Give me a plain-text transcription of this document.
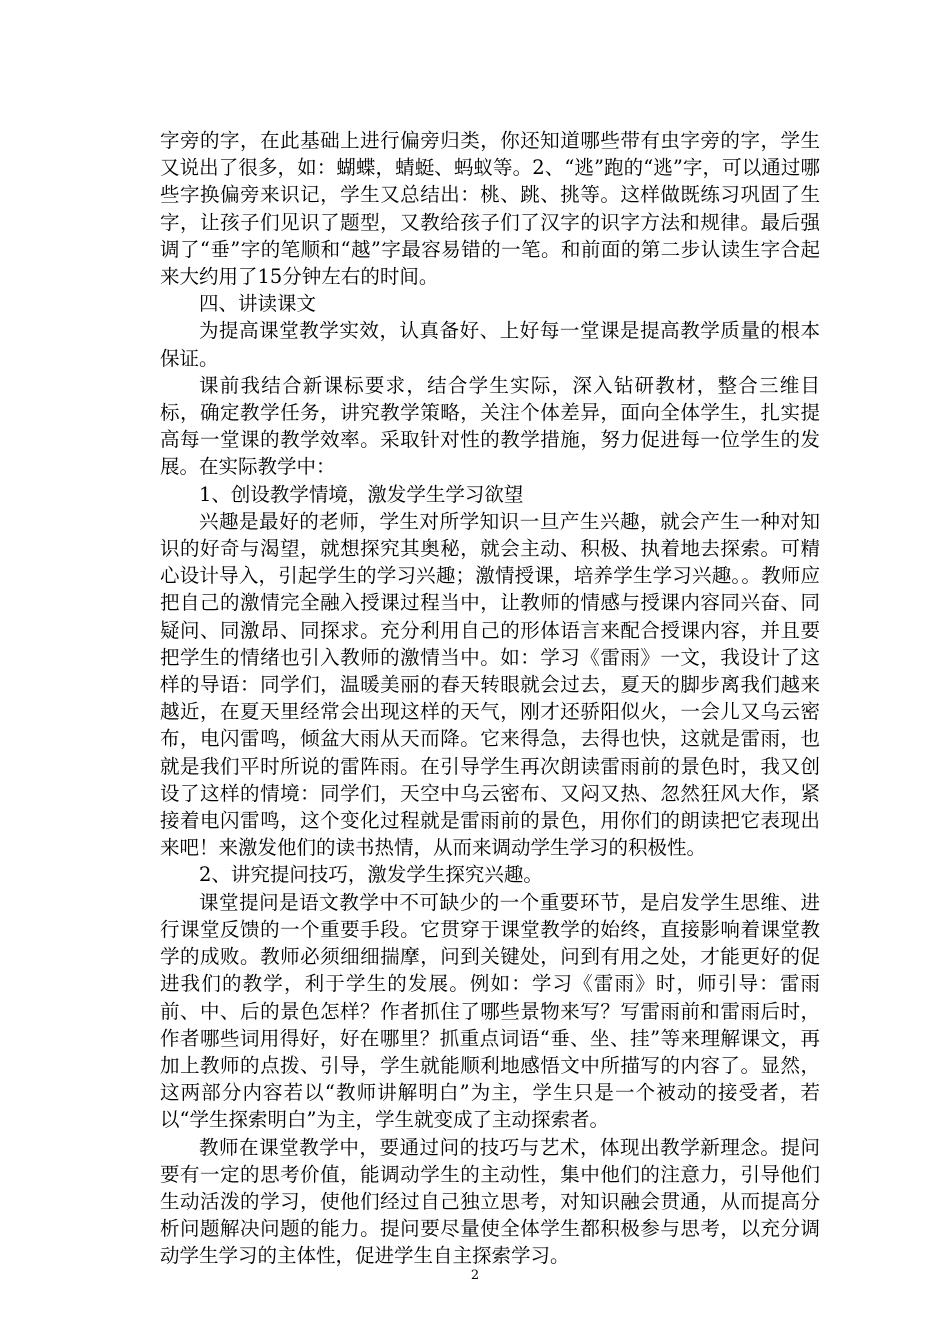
字旁的字，在此基础上进行偏旁归类，你还知道哪些带有虫字旁的字，学生又说出了很多，如：蝴蝶，蜻蜓、蚂蚁等。2、“逃”跑的“逃”字，可以通过哪些字换偏旁来识记，学生又总结出：桃、跳、挑等。这样做既练习巩固了生字，让孩子们见识了题型，又教给孩子们了汉字的识字方法和规律。最后强调了“垂”字的笔顺和“越”字最容易错的一笔。和前面的第二步认读生字合起来大约用了15分钟左右的时间。

四、讲读课文

为提高课堂教学实效，认真备好、上好每一堂课是提高教学质量的根本保证。

课前我结合新课标要求，结合学生实际，深入钻研教材，整合三维目标，确定教学任务，讲究教学策略，关注个体差异，面向全体学生，扎实提高每一堂课的教学效率。采取针对性的教学措施，努力促进每一位学生的发展。在实际教学中：

1、创设教学情境，激发学生学习欲望

兴趣是最好的老师，学生对所学知识一旦产生兴趣，就会产生一种对知识的好奇与渴望，就想探究其奥秘，就会主动、积极、执着地去探索。可精心设计导入，引起学生的学习兴趣；激情授课，培养学生学习兴趣。。教师应把自己的激情完全融入授课过程当中，让教师的情感与授课内容同兴奋、同疑问、同激昂、同探求。充分利用自己的形体语言来配合授课内容，并且要把学生的情绪也引入教师的激情当中。如：学习《雷雨》一文，我设计了这样的导语：同学们，温暖美丽的春天转眼就会过去，夏天的脚步离我们越来越近，在夏天里经常会出现这样的天气，刚才还骄阳似火，一会儿又乌云密布，电闪雷鸣，倾盆大雨从天而降。它来得急，去得也快，这就是雷雨，也就是我们平时所说的雷阵雨。在引导学生再次朗读雷雨前的景色时，我又创设了这样的情境：同学们，天空中乌云密布、又闷又热、忽然狂风大作，紧接着电闪雷鸣，这个变化过程就是雷雨前的景色，用你们的朗读把它表现出来吧！来激发他们的读书热情，从而来调动学生学习的积极性。

2、讲究提问技巧，激发学生探究兴趣。

课堂提问是语文教学中不可缺少的一个重要环节，是启发学生思维、进行课堂反馈的一个重要手段。它贯穿于课堂教学的始终，直接影响着课堂教学的成败。教师必须细细揣摩，问到关键处，问到有用之处，才能更好的促进我们的教学，利于学生的发展。例如：学习《雷雨》时，师引导：雷雨前、中、后的景色怎样？作者抓住了哪些景物来写？写雷雨前和雷雨后时，作者哪些词用得好，好在哪里？抓重点词语“垂、坐、挂”等来理解课文，再加上教师的点拨、引导，学生就能顺利地感悟文中所描写的内容了。显然，这两部分内容若以“教师讲解明白”为主，学生只是一个被动的接受者，若以“学生探索明白”为主，学生就变成了主动探索者。

教师在课堂教学中，要通过问的技巧与艺术，体现出教学新理念。提问要有一定的思考价值，能调动学生的主动性，集中他们的注意力，引导他们生动活泼的学习，使他们经过自己独立思考，对知识融会贯通，从而提高分析问题解决问题的能力。提问要尽量使全体学生都积极参与思考，以充分调动学生学习的主体性，促进学生自主探索学习。

2
